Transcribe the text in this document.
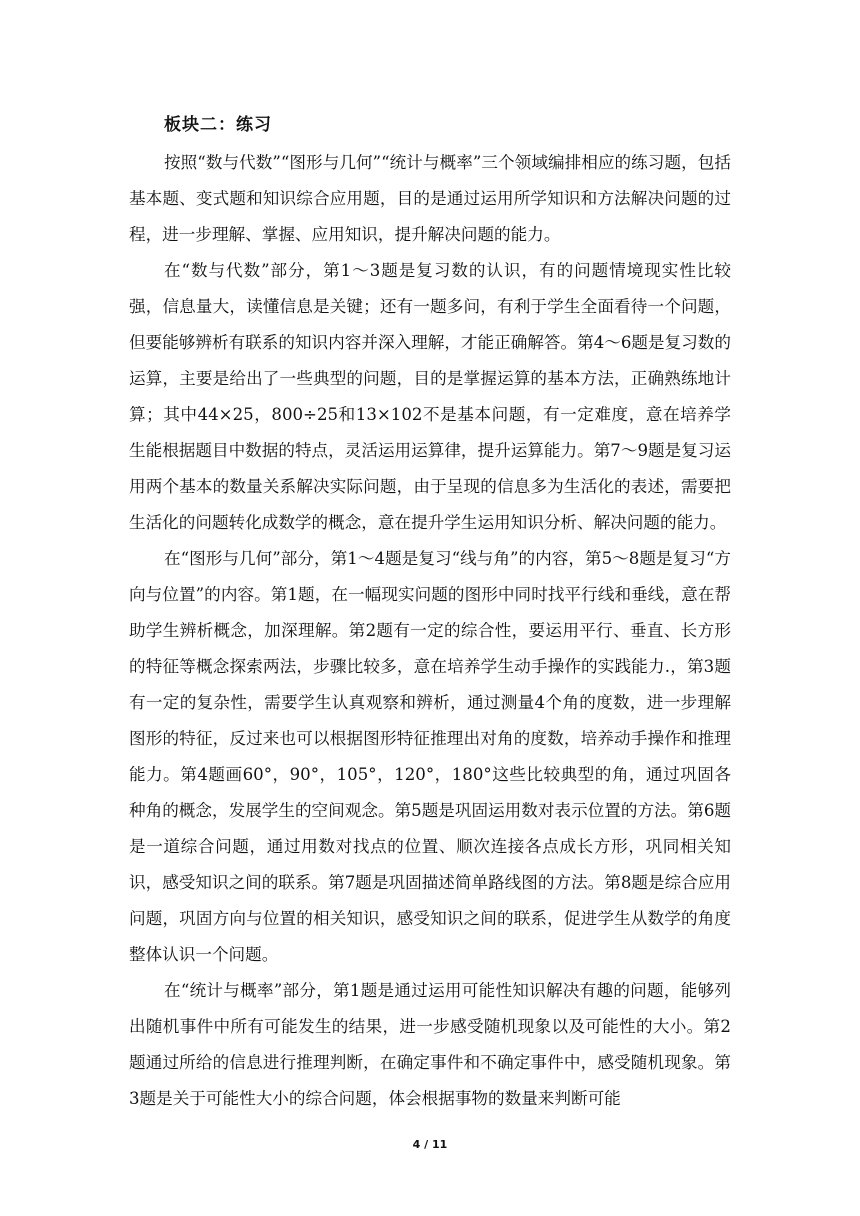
板块二：练习

按照“数与代数”“图形与几何”“统计与概率”三个领域编排相应的练习题，包括基本题、变式题和知识综合应用题，目的是通过运用所学知识和方法解决问题的过程，进一步理解、掌握、应用知识，提升解决问题的能力。

在“数与代数”部分，第1～3题是复习数的认识，有的问题情境现实性比较强，信息量大，读懂信息是关键；还有一题多问，有利于学生全面看待一个问题，但要能够辨析有联系的知识内容并深入理解，才能正确解答。第4～6题是复习数的运算，主要是给出了一些典型的问题，目的是掌握运算的基本方法，正确熟练地计算；其中44×25，800÷25和13×102不是基本问题，有一定难度，意在培养学生能根据题目中数据的特点，灵活运用运算律，提升运算能力。第7～9题是复习运用两个基本的数量关系解决实际问题，由于呈现的信息多为生活化的表述，需要把生活化的问题转化成数学的概念，意在提升学生运用知识分析、解决问题的能力。

在“图形与几何”部分，第1～4题是复习“线与角”的内容，第5～8题是复习“方向与位置”的内容。第1题，在一幅现实问题的图形中同时找平行线和垂线，意在帮助学生辨析概念，加深理解。第2题有一定的综合性，要运用平行、垂直、长方形的特征等概念探索两法，步骤比较多，意在培养学生动手操作的实践能力.，第3题有一定的复杂性，需要学生认真观察和辨析，通过测量4个角的度数，进一步理解图形的特征，反过来也可以根据图形特征推理出对角的度数，培养动手操作和推理能力。第4题画60°，90°，105°，120°，180°这些比较典型的角，通过巩固各种角的概念，发展学生的空间观念。第5题是巩固运用数对表示位置的方法。第6题是一道综合问题，通过用数对找点的位置、顺次连接各点成长方形，巩同相关知识，感受知识之间的联系。第7题是巩固描述简单路线图的方法。第8题是综合应用问题，巩固方向与位置的相关知识，感受知识之间的联系，促进学生从数学的角度整体认识一个问题。

在“统计与概率”部分，第1题是通过运用可能性知识解决有趣的问题，能够列出随机事件中所有可能发生的结果，进一步感受随机现象以及可能性的大小。第2题通过所给的信息进行推理判断，在确定事件和不确定事件中，感受随机现象。第3题是关于可能性大小的综合问题，体会根据事物的数量来判断可能

4 / 11
